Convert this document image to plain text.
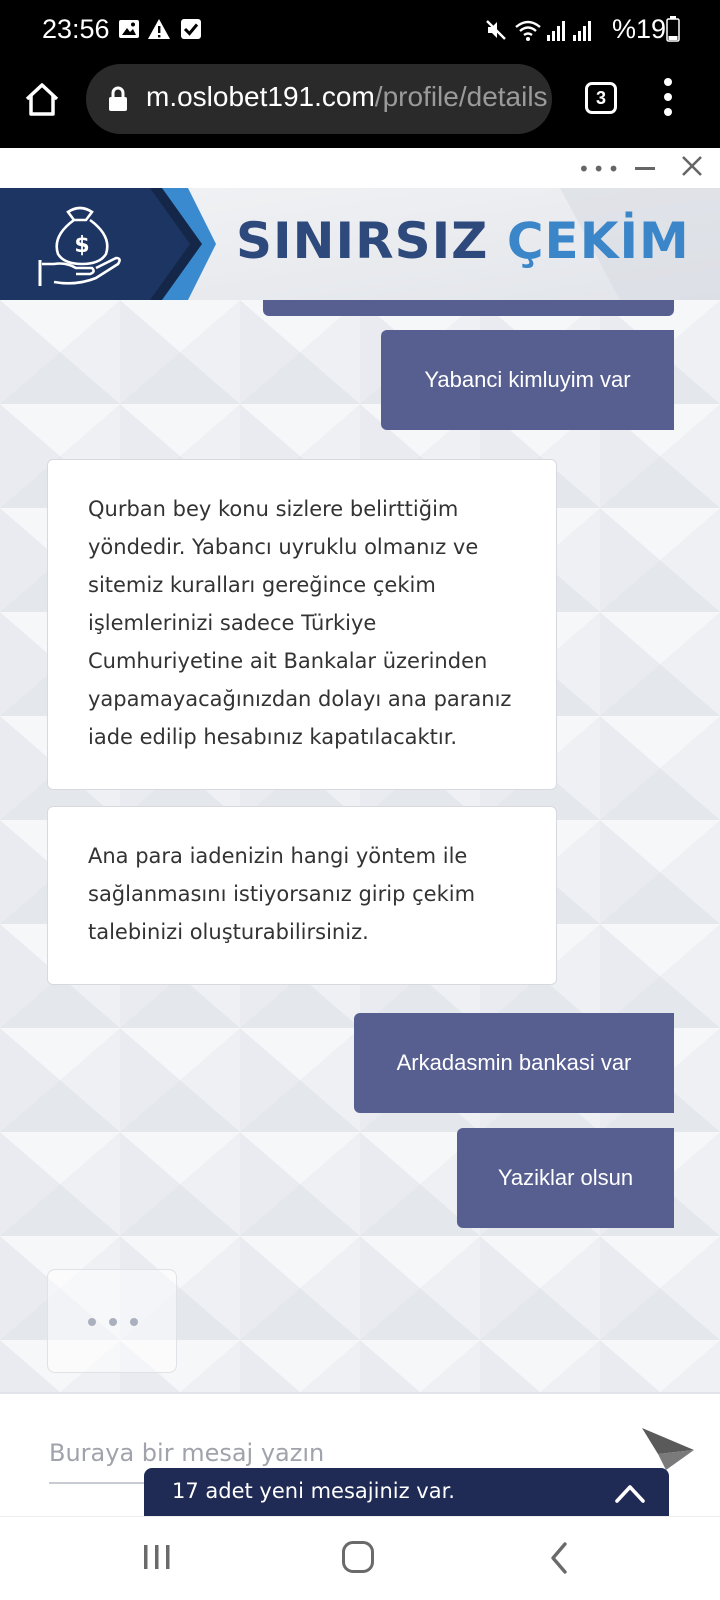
23:56	%19
m.oslobet191.com/profile/details	3
•••
$	SINIRSIZ ÇEKİM
Yabanci kimluyim var
Qurban bey konu sizlere belirttiğim yöndedir. Yabancı uyruklu olmanız ve sitemiz kuralları gereğince çekim işlemlerinizi sadece Türkiye Cumhuriyetine ait Bankalar üzerinden yapamayacağınızdan dolayı ana paranız iade edilip hesabınız kapatılacaktır.
Ana para iadenizin hangi yöntem ile sağlanmasını istiyorsanız girip çekim talebinizi oluşturabilirsiniz.
Arkadasmin bankasi var
Yaziklar olsun
Buraya bir mesaj yazın
17 adet yeni mesajiniz var.
